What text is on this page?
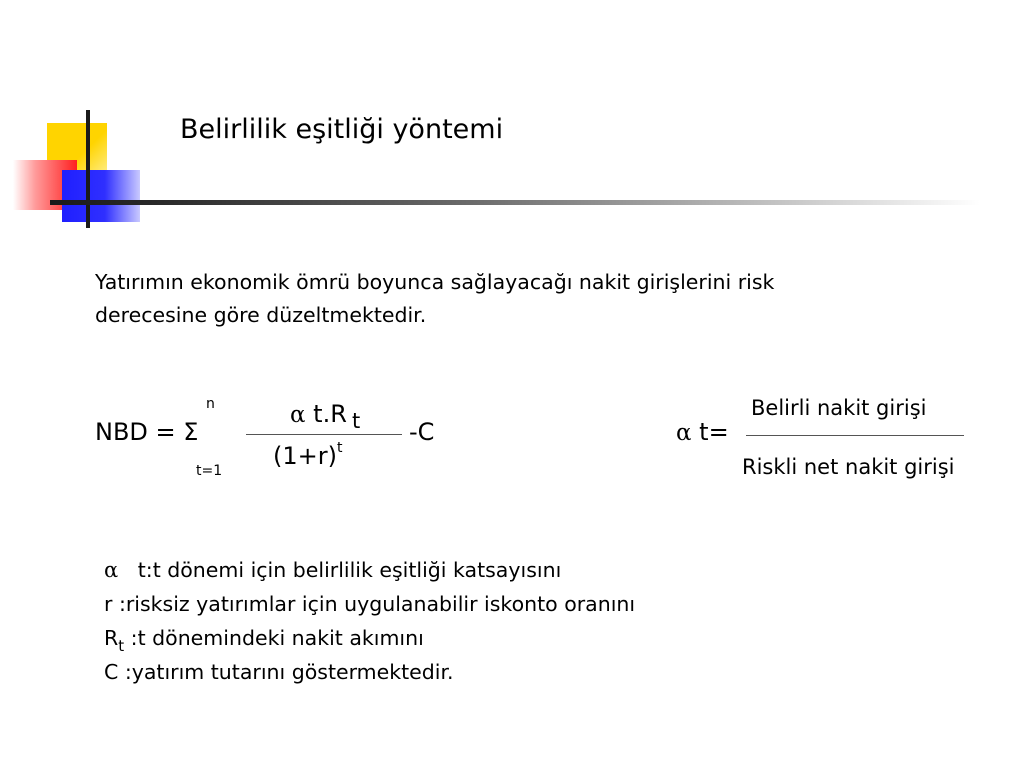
Belirlilik eşitliği yöntemi
Yatırımın ekonomik ömrü boyunca sağlayacağı nakit girişlerini risk
derecesine göre düzeltmektedir.
n
NBD = Σ
t=1
α t.R t
(1+r)t
-C	α t=
Belirli nakit girişi
Riskli net nakit girişi
α t:t dönemi için belirlilik eşitliği katsayısını
r :risksiz yatırımlar için uygulanabilir iskonto oranını
$R_t$ :t dönemindeki nakit akımını
C :yatırım tutarını göstermektedir.
